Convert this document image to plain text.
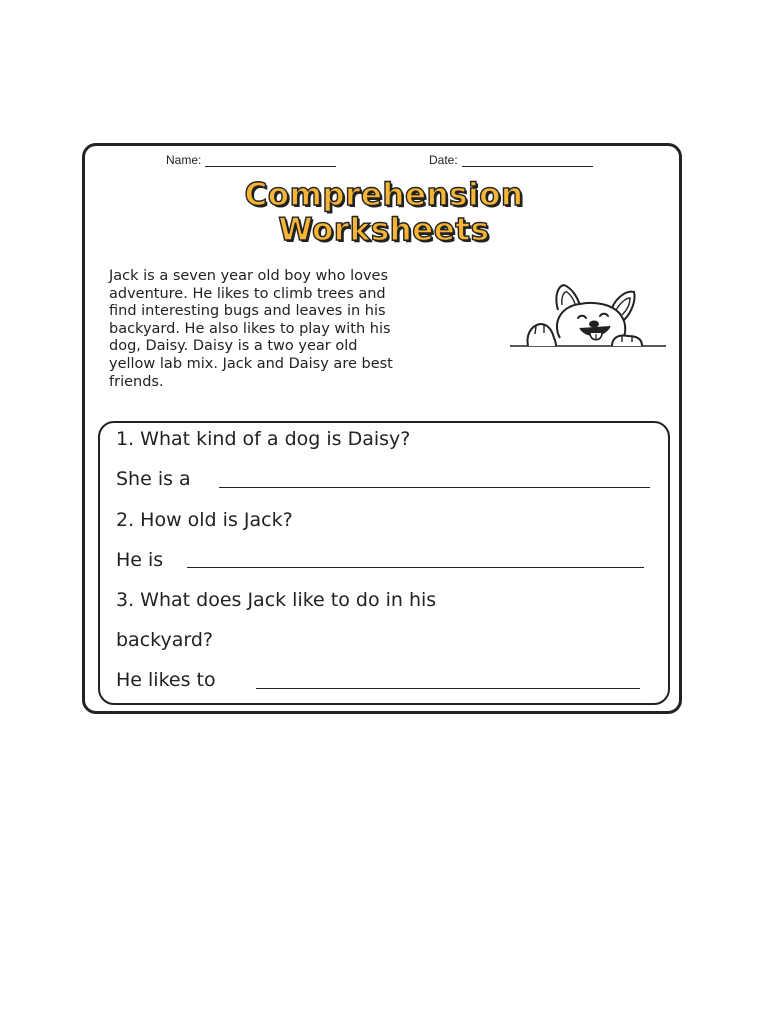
Name:	Date:
Comprehension
Worksheets
Jack is a seven year old boy who loves
adventure. He likes to climb trees and
find interesting bugs and leaves in his
backyard. He also likes to play with his
dog, Daisy. Daisy is a two year old
yellow lab mix. Jack and Daisy are best
friends.
1. What kind of a dog is Daisy?
She is a
2. How old is Jack?
He is
3. What does Jack like to do in his
backyard?
He likes to
